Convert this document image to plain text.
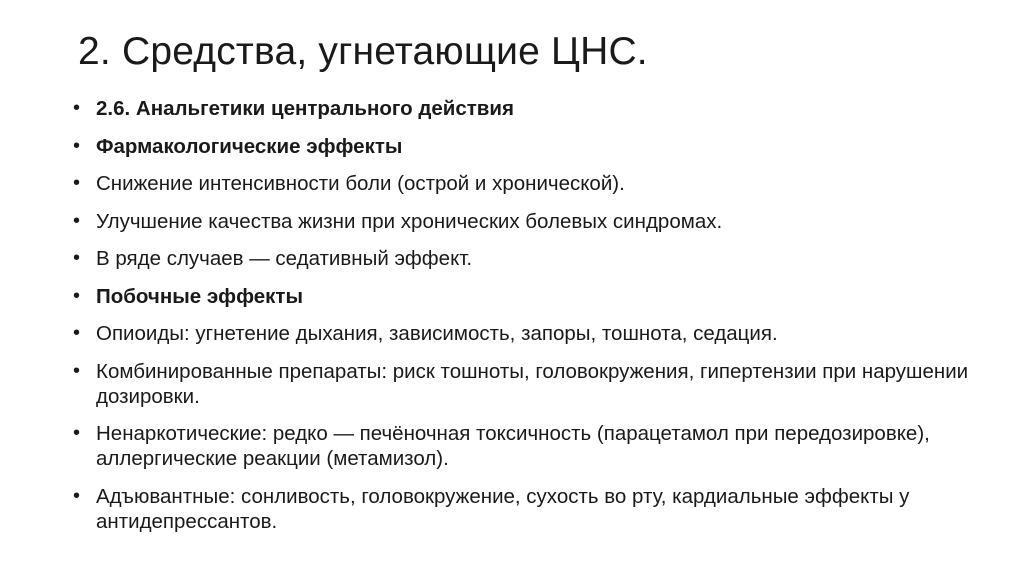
2. Средства, угнетающие ЦНС.
• 2.6. Анальгетики центрального действия
• Фармакологические эффекты
• Снижение интенсивности боли (острой и хронической).
• Улучшение качества жизни при хронических болевых синдромах.
• В ряде случаев — седативный эффект.
• Побочные эффекты
• Опиоиды: угнетение дыхания, зависимость, запоры, тошнота, седация.
• Комбинированные препараты: риск тошноты, головокружения, гипертензии при нарушении дозировки.
• Ненаркотические: редко — печёночная токсичность (парацетамол при передозировке), аллергические реакции (метамизол).
• Адъювантные: сонливость, головокружение, сухость во рту, кардиальные эффекты у антидепрессантов.
